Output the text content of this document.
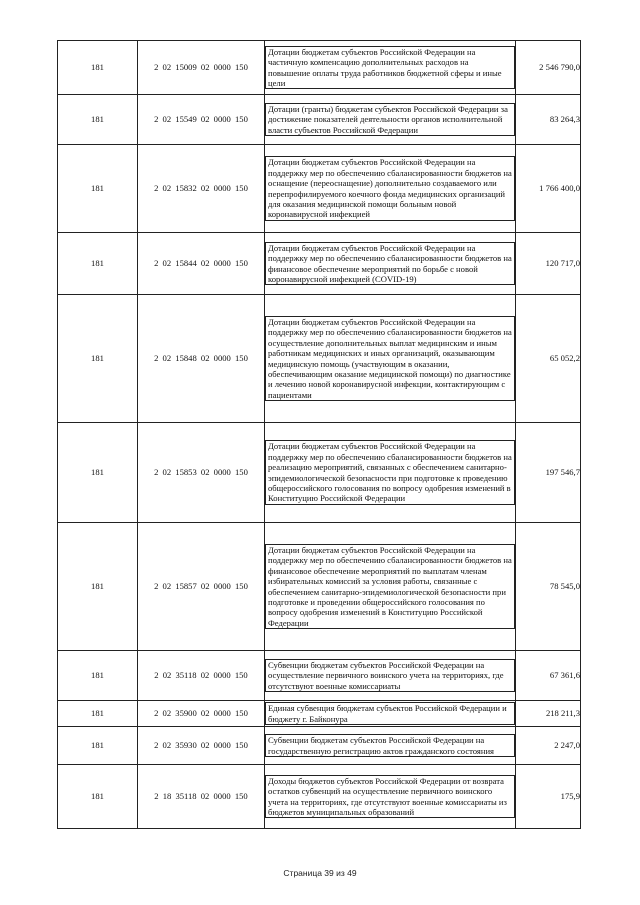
181	2 02 15009 02 0000 150	Дотации бюджетам субъектов Российской Федерации на частичную компенсацию дополнительных расходов на повышение оплаты труда работников бюджетной сферы и иные цели	2 546 790,0
181	2 02 15549 02 0000 150	Дотации (гранты) бюджетам субъектов Российской Федерации за достижение показателей деятельности органов исполнительной власти субъектов Российской Федерации	83 264,3
181	2 02 15832 02 0000 150	Дотации бюджетам субъектов Российской Федерации на поддержку мер по обеспечению сбалансированности бюджетов на оснащение (переоснащение) дополнительно создаваемого или перепрофилируемого коечного фонда медицинских организаций для оказания медицинской помощи больным новой коронавирусной инфекцией	1 766 400,0
181	2 02 15844 02 0000 150	Дотации бюджетам субъектов Российской Федерации на поддержку мер по обеспечению сбалансированности бюджетов на финансовое обеспечение мероприятий по борьбе с новой коронавирусной инфекцией (COVID-19)	120 717,0
181	2 02 15848 02 0000 150	Дотации бюджетам субъектов Российской Федерации на поддержку мер по обеспечению сбалансированности бюджетов на осуществление дополнительных выплат медицинским и иным работникам медицинских и иных организаций, оказывающим медицинскую помощь (участвующим в оказании, обеспечивающим оказание медицинской помощи) по диагностике и лечению новой коронавирусной инфекции, контактирующим с пациентами	65 052,2
181	2 02 15853 02 0000 150	Дотации бюджетам субъектов Российской Федерации на поддержку мер по обеспечению сбалансированности бюджетов на реализацию мероприятий, связанных с обеспечением санитарно-эпидемиологической безопасности при подготовке к проведению общероссийского голосования по вопросу одобрения изменений в Конституцию Российской Федерации	197 546,7
181	2 02 15857 02 0000 150	Дотации бюджетам субъектов Российской Федерации на поддержку мер по обеспечению сбалансированности бюджетов на финансовое обеспечение мероприятий по выплатам членам избирательных комиссий за условия работы, связанные с обеспечением санитарно-эпидемиологической безопасности при подготовке и проведении общероссийского голосования по вопросу одобрения изменений в Конституцию Российской Федерации	78 545,0
181	2 02 35118 02 0000 150	Субвенции бюджетам субъектов Российской Федерации на осуществление первичного воинского учета на территориях, где отсутствуют военные комиссариаты	67 361,6
181	2 02 35900 02 0000 150	Единая субвенция бюджетам субъектов Российской Федерации и бюджету г. Байконура	218 211,3
181	2 02 35930 02 0000 150	Субвенции бюджетам субъектов Российской Федерации на государственную регистрацию актов гражданского состояния	2 247,0
181	2 18 35118 02 0000 150	Доходы бюджетов субъектов Российской Федерации от возврата остатков субвенций на осуществление первичного воинского учета на территориях, где отсутствуют военные комиссариаты из бюджетов муниципальных образований	175,9
Страница 39 из 49
